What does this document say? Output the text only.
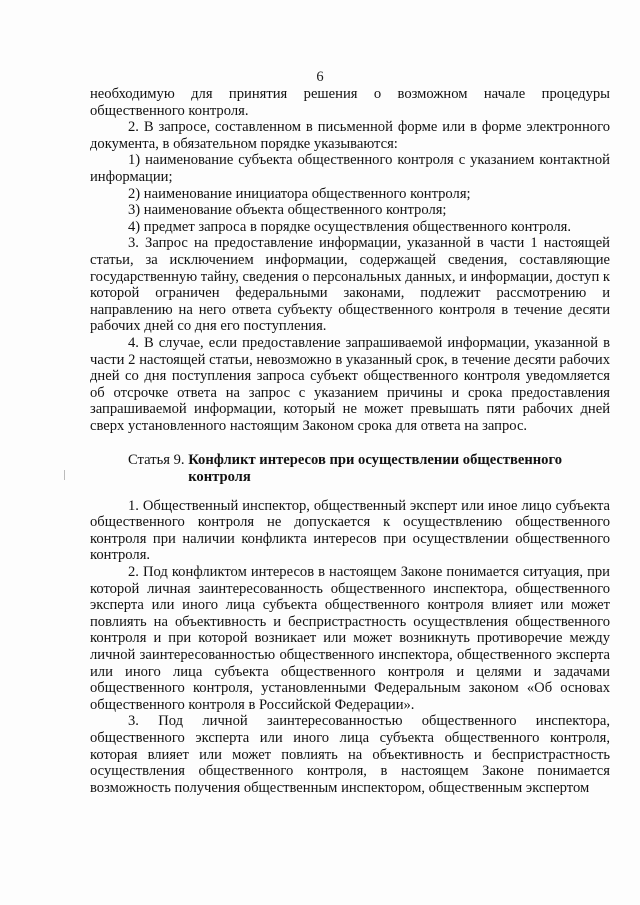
6

необходимую для принятия решения о возможном начале процедуры общественного контроля.

2. В запросе, составленном в письменной форме или в форме электронного документа, в обязательном порядке указываются:

1) наименование субъекта общественного контроля с указанием контактной информации;

2) наименование инициатора общественного контроля;

3) наименование объекта общественного контроля;

4) предмет запроса в порядке осуществления общественного контроля.

3. Запрос на предоставление информации, указанной в части 1 настоящей статьи, за исключением информации, содержащей сведения, составляющие государственную тайну, сведения о персональных данных, и информации, доступ к которой ограничен федеральными законами, подлежит рассмотрению и направлению на него ответа субъекту общественного контроля в течение десяти рабочих дней со дня его поступления.

4. В случае, если предоставление запрашиваемой информации, указанной в части 2 настоящей статьи, невозможно в указанный срок, в течение десяти рабочих дней со дня поступления запроса субъект общественного контроля уведомляется об отсрочке ответа на запрос с указанием причины и срока предоставления запрашиваемой информации, который не может превышать пяти рабочих дней сверх установленного настоящим Законом срока для ответа на запрос.

Статья 9. Конфликт интересов при осуществлении общественного контроля

1. Общественный инспектор, общественный эксперт или иное лицо субъекта общественного контроля не допускается к осуществлению общественного контроля при наличии конфликта интересов при осуществлении общественного контроля.

2. Под конфликтом интересов в настоящем Законе понимается ситуация, при которой личная заинтересованность общественного инспектора, общественного эксперта или иного лица субъекта общественного контроля влияет или может повлиять на объективность и беспристрастность осуществления общественного контроля и при которой возникает или может возникнуть противоречие между личной заинтересованностью общественного инспектора, общественного эксперта или иного лица субъекта общественного контроля и целями и задачами общественного контроля, установленными Федеральным законом «Об основах общественного контроля в Российской Федерации».

3. Под личной заинтересованностью общественного инспектора, общественного эксперта или иного лица субъекта общественного контроля, которая влияет или может повлиять на объективность и беспристрастность осуществления общественного контроля, в настоящем Законе понимается возможность получения общественным инспектором, общественным экспертом
